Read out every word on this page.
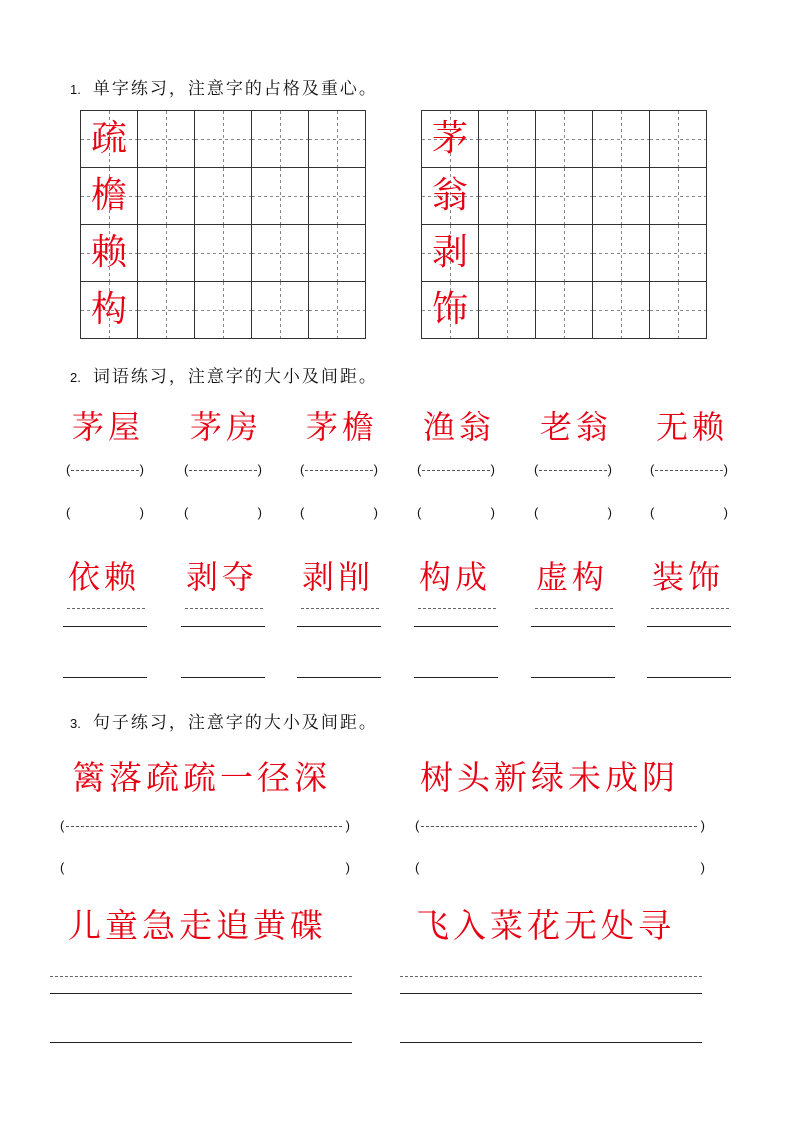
1. 单字练习，注意字的占格及重心。
疏				

檐				

赖				

构				

茅				

翁				

剥				

饰				

2. 词语练习，注意字的大小及间距。
茅屋
(	)
(	)
茅房
(	)
(	)
茅檐
(	)
(	)
渔翁
(	)
(	)
老翁
(	)
(	)
无赖
(	)
(	)
依赖 剥夺 剥削 构成 虚构 装饰
3. 句子练习，注意字的大小及间距。
篱落疏疏一径深	树头新绿未成阴
(	)	(	)
(	)	(	)
儿童急走追黄碟	飞入菜花无处寻
